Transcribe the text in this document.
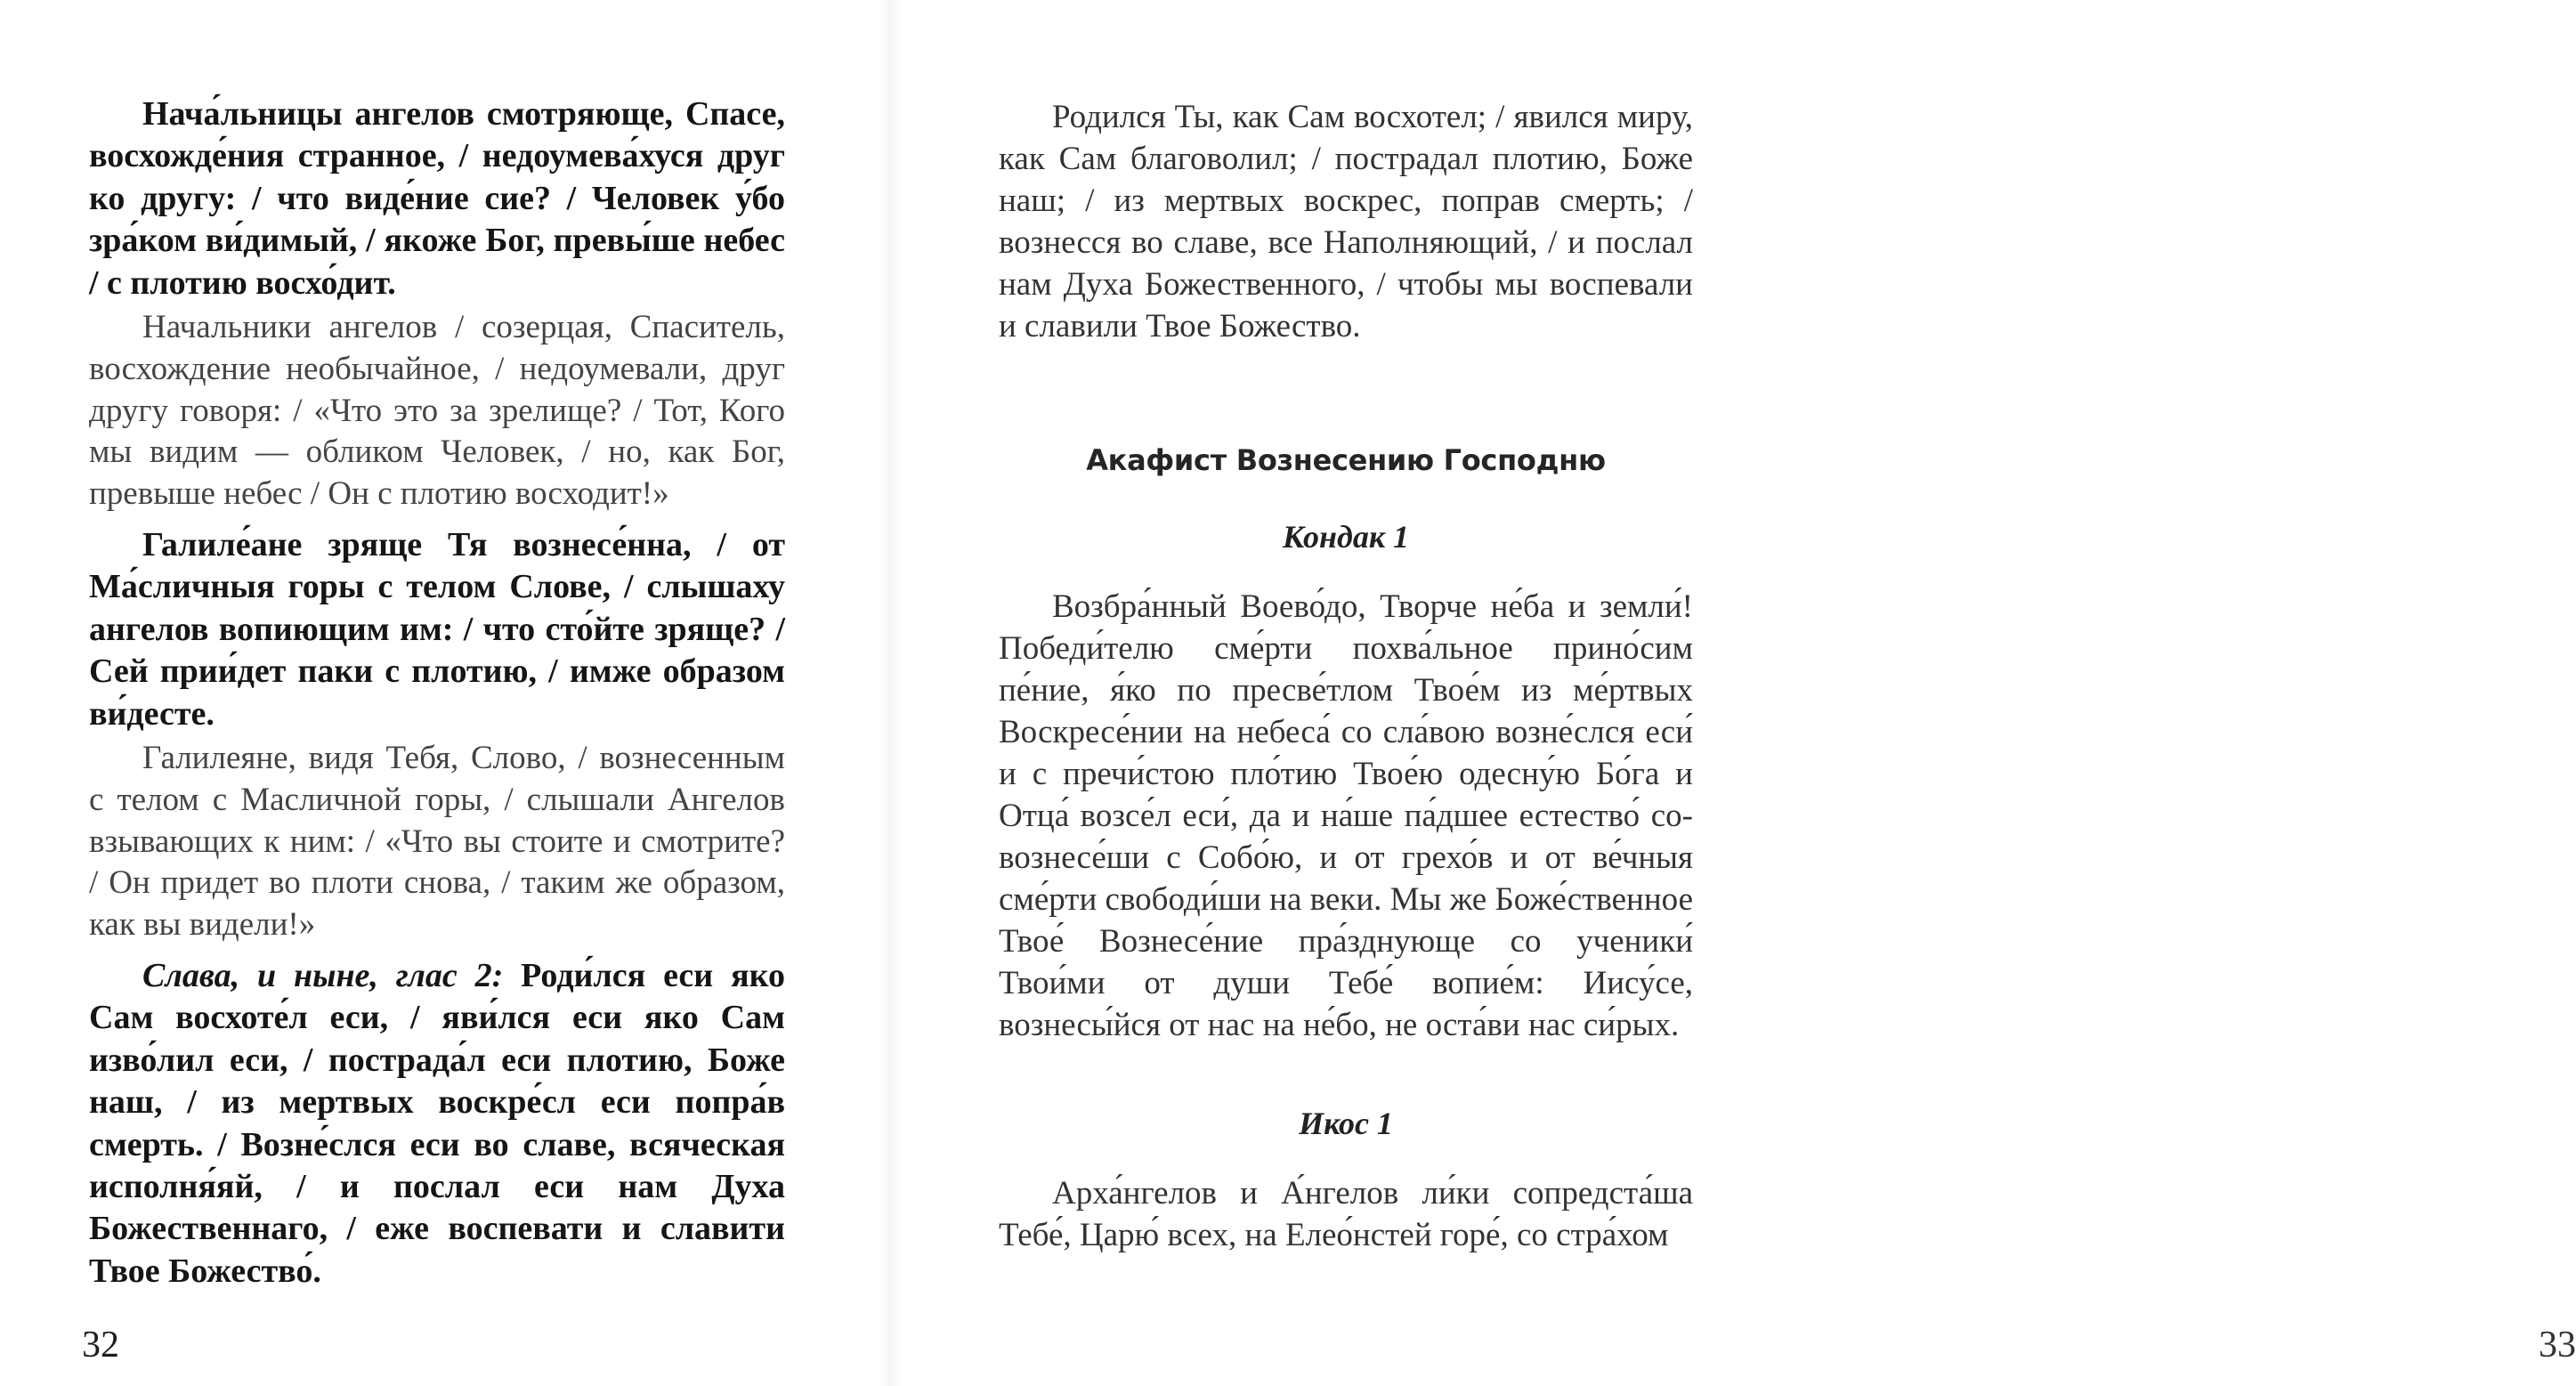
Нача́льницы ангелов смотряюще, Спасе, восхожде́ния странное, / недоумева́хуся друг ко другу: / что виде́ние сие? / Человек у́бо зра́ком ви́димый, / якоже Бог, превы́ше небес / с плотию восхо́дит.

Начальники ангелов / созерцая, Спаситель, восхождение необычайное, / недоумевали, друг другу говоря: / «Что это за зрелище? / Тот, Кого мы видим — обликом Человек, / но, как Бог, превыше небес / Он с плотию восходит!»

Галиле́ане зряще Тя вознесе́нна, / от Ма́сличныя горы с телом Слове, / слышаху ангелов вопиющим им: / что сто́йте зряще? / Сей прии́дет паки с плотию, / имже образом ви́десте.

Галилеяне, видя Тебя, Слово, / вознесенным с телом с Масличной горы, / слышали Ангелов взывающих к ним: / «Что вы стоите и смотрите? / Он придет во плоти снова, / таким же образом, как вы видели!»

Слава, и ныне, глас 2: Роди́лся еси яко Сам восхоте́л еси, / яви́лся еси яко Сам изво́лил еси, / пострада́л еси плотию, Боже наш, / из мертвых воскре́сл еси попра́в смерть. / Возне́слся еси во славе, всяческая исполня́яй, / и послал еси нам Духа Божественнаго, / еже воспевати и славити Твое Божество́.

32

Родился Ты, как Сам восхотел; / явился миру, как Сам благоволил; / пострадал плотию, Боже наш; / из мертвых воскрес, поправ смерть; / вознесся во славе, все Наполняющий, / и послал нам Духа Божественного, / чтобы мы воспевали и славили Твое Божество.

Акафист Вознесению Господню

Кондак 1

Возбра́нный Воево́до, Творче не́ба и земли́! Победи́телю сме́рти похва́льное прино́сим пе́ние, я́ко по пресве́тлом Твое́м из ме́ртвых Воскресе́нии на небеса́ со сла́вою возне́слся еси́ и с пречи́стою пло́тию Твое́ю одесну́ю Бо́га и Отца́ возсе́л еси́, да и на́ше па́дшее естество́ со-вознесе́ши с Собо́ю, и от грехо́в и от ве́чныя сме́рти свободи́ши на веки. Мы же Боже́ственное Твое́ Вознесе́ние пра́зднующе со ученики́ Твои́ми от души Тебе́ вопие́м: Иису́се, вознесы́йся от нас на не́бо, не оста́ви нас си́рых.

Икос 1

Арха́нгелов и А́нгелов ли́ки сопредста́ша Тебе́, Царю́ всех, на Елео́нстей горе́, со стра́хом

33
